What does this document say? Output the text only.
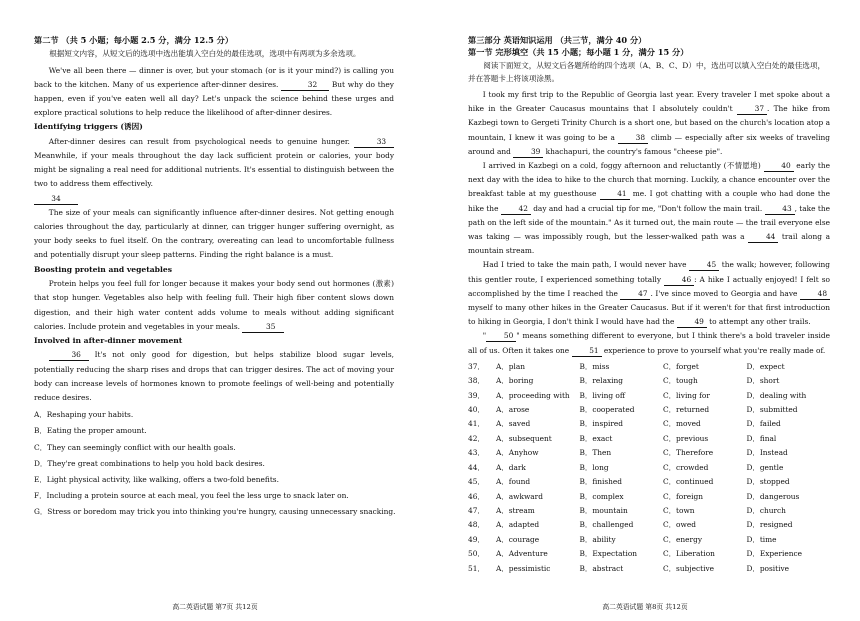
第二节 （共 5 小题；每小题 2.5 分，满分 12.5 分）
根据短文内容，从短文后的选项中选出能填入空白处的最佳选项，选项中有两项为多余选项。

We've all been there — dinner is over, but your stomach (or is it your mind?) is calling you back to the kitchen. Many of us experience after-dinner desires.	32 But why do they happen, even if you've eaten well all day? Let's unpack the science behind these urges and explore practical solutions to help reduce the likelihood of after-dinner desires.

Identifying triggers (诱因)

After-dinner desires can result from psychological needs to genuine hunger.	33 Meanwhile, if your meals throughout the day lack sufficient protein or calories, your body might be signaling a real need for additional nutrients. It's essential to distinguish between the two to address them effectively.

34

The size of your meals can significantly influence after-dinner desires. Not getting enough calories throughout the day, particularly at dinner, can trigger hunger suffering overnight, as your body seeks to fuel itself. On the contrary, overeating can lead to uncomfortable fullness and potentially disrupt your sleep patterns. Finding the right balance is a must.

Boosting protein and vegetables

Protein helps you feel full for longer because it makes your body send out hormones (激素) that stop hunger. Vegetables also help with feeling full. Their high fiber content slows down digestion, and their high water content adds volume to meals without adding significant calories. Include protein and vegetables in your meals.	35

Involved in after-dinner movement

36 It's not only good for digestion, but helps stabilize blood sugar levels, potentially reducing the sharp rises and drops that can trigger desires. The act of moving your body can increase levels of hormones known to promote feelings of well-being and potentially reduce desires.

A．Reshaping your habits.
B．Eating the proper amount.
C．They can seemingly conflict with our health goals.
D．They're great combinations to help you hold back desires.
E．Light physical activity, like walking, offers a two-fold benefits.
F．Including a protein source at each meal, you feel the less urge to snack later on.
G．Stress or boredom may trick you into thinking you're hungry, causing unnecessary snacking.
高二英语试题 第7页 共12页
第三部分 英语知识运用 （共三节，满分 40 分）
第一节 完形填空（共 15 小题；每小题 1 分，满分 15 分）
阅读下面短文，从短文后各题所给的四个选项（A、B、C、D）中，选出可以填入空白处的最佳选项，并在答题卡上将该项涂黑。

I took my first trip to the Republic of Georgia last year. Every traveler I met spoke about a hike in the Greater Caucasus mountains that I absolutely couldn't	37 . The hike from Kazbegi town to Gergeti Trinity Church is a short one, but based on the church's location atop a mountain, I knew it was going to be a	38 climb — especially after six weeks of traveling around and	39 khachapuri, the country's famous "cheese pie".

I arrived in Kazbegi on a cold, foggy afternoon and reluctantly (不情愿地)	40 early the next day with the idea to hike to the church that morning. Luckily, a chance encounter over the breakfast table at my guesthouse	41 me. I got chatting with a couple who had done the hike the	42 day and had a crucial tip for me, "Don't follow the main trail.	43 , take the path on the left side of the mountain." As it turned out, the main route — the trail everyone else was taking — was impossibly rough, but the lesser-walked path was a	44 trail along a mountain stream.

Had I tried to take the main path, I would never have	45 the walk; however, following this gentler route, I experienced something totally	46 : A hike I actually enjoyed! I felt so accomplished by the time I reached the	47 . I've since moved to Georgia and have	48 myself to many other hikes in the Greater Caucasus. But if it weren't for that first introduction to hiking in Georgia, I don't think I would have had the	49 to attempt any other trails.

" 50 " means something different to everyone, but I think there's a bold traveler inside all of us. Often it takes one	51 experience to prove to yourself what you're really made of.

37．	A．plan	B．miss	C．forget	D．expect
38．	A．boring	B．relaxing	C．tough	D．short
39．	A．proceeding with	B．living off	C．living for	D．dealing with
40．	A．arose	B．cooperated	C．returned	D．submitted
41．	A．saved	B．inspired	C．moved	D．failed
42．	A．subsequent	B．exact	C．previous	D．final
43．	A．Anyhow	B．Then	C．Therefore	D．Instead
44．	A．dark	B．long	C．crowded	D．gentle
45．	A．found	B．finished	C．continued	D．stopped
46．	A．awkward	B．complex	C．foreign	D．dangerous
47．	A．stream	B．mountain	C．town	D．church
48．	A．adapted	B．challenged	C．owed	D．resigned
49．	A．courage	B．ability	C．energy	D．time
50．	A．Adventure	B．Expectation	C．Liberation	D．Experience
51．	A．pessimistic	B．abstract	C．subjective	D．positive
高二英语试题 第8页 共12页
